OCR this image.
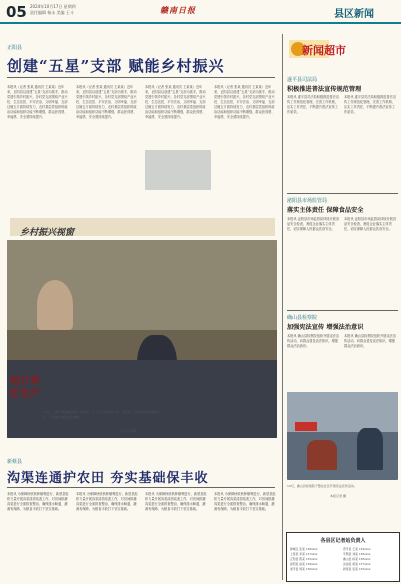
05 2024年10月17日 星期四
责任编辑 杨永 美编 王斗	赣南日报	县区新闻
正阳县
创建“五星”支部 赋能乡村振兴
本报讯（记者 张某 通讯员 王某某）近年来，正阳县以创建“五星”支部为抓手，推动党建引领乡村振兴，各村党支部围绕产业兴旺、生态宜居、平安法治、文明幸福、支部过硬五方面持续发力，农村基层党组织的政治功能和组织功能不断增强，群众获得感、幸福感、安全感持续提升。
本报讯（记者 张某 通讯员 王某某）近年来，正阳县以创建“五星”支部为抓手，推动党建引领乡村振兴，各村党支部围绕产业兴旺、生态宜居、平安法治、文明幸福、支部过硬五方面持续发力，农村基层党组织的政治功能和组织功能不断增强，群众获得感、幸福感、安全感持续提升。
本报讯（记者 张某 通讯员 王某某）近年来，正阳县以创建“五星”支部为抓手，推动党建引领乡村振兴，各村党支部围绕产业兴旺、生态宜居、平安法治、文明幸福、支部过硬五方面持续发力，农村基层党组织的政治功能和组织功能不断增强，群众获得感、幸福感、安全感持续提升。
本报讯（记者 张某 通讯员 王某某）近年来，正阳县以创建“五星”支部为抓手，推动党建引领乡村振兴，各村党支部围绕产业兴旺、生态宜居、平安法治、文明幸福、支部过硬五方面持续发力，农村基层党组织的政治功能和组织功能不断增强，群众获得感、幸福感、安全感持续提升。
乡村振兴视窗
赶订单 忙生产
10月，正阳县某镇服装加工车间里，工人们正在赶制订单。近年来，当地积极发展特色产业，带动群众就近就业增收。
本报记者 摄
新蔡县
沟渠连通护农田 夯实基础保丰收
本报讯 为保障秋收秋种顺利进行，新蔡县组织力量开展沟渠清淤疏浚工作，对田间排灌沟渠进行全面排查整治，确保排水畅通、灌溉有保障，为粮食丰收打下坚实基础。
本报讯 为保障秋收秋种顺利进行，新蔡县组织力量开展沟渠清淤疏浚工作，对田间排灌沟渠进行全面排查整治，确保排水畅通、灌溉有保障，为粮食丰收打下坚实基础。
本报讯 为保障秋收秋种顺利进行，新蔡县组织力量开展沟渠清淤疏浚工作，对田间排灌沟渠进行全面排查整治，确保排水畅通、灌溉有保障，为粮食丰收打下坚实基础。
本报讯 为保障秋收秋种顺利进行，新蔡县组织力量开展沟渠清淤疏浚工作，对田间排灌沟渠进行全面排查整治，确保排水畅通、灌溉有保障，为粮食丰收打下坚实基础。
新闻超市
遂平县司法局
积极推进普法宣传规范管理
本报讯 遂平县司法局积极推进普法宣传工作规范化管理，完善工作机制，压实工作责任，不断提升普法宣传工作质效。
本报讯 遂平县司法局积极推进普法宣传工作规范化管理，完善工作机制，压实工作责任，不断提升普法宣传工作质效。
泌阳县市场监管局
落实主体责任 保障食品安全
本报讯 泌阳县市场监管局持续开展食品安全检查，督促企业落实主体责任，切实保障人民群众饮食安全。
本报讯 泌阳县市场监管局持续开展食品安全检查，督促企业落实主体责任，切实保障人民群众饮食安全。
确山县检察院
加强宪法宣传 增强法治意识
本报讯 确山县检察院组织开展宪法宣传活动，向群众普及宪法知识，增强群众法治意识。
本报讯 确山县检察院组织开展宪法宣传活动，向群众普及宪法知识，增强群众法治意识。
10月，确山县检察院干警在社区开展宪法宣传活动。
本报记者 摄
各县区记者站负责人
驿城区 张某 138xxxx	西平县 王某 139xxxx
上蔡县 李某 137xxxx	平舆县 刘某 136xxxx
正阳县 陈某 135xxxx	确山县 杨某 138xxxx
泌阳县 赵某 139xxxx	汝南县 黄某 137xxxx
遂平县 周某 136xxxx	新蔡县 吴某 135xxxx
